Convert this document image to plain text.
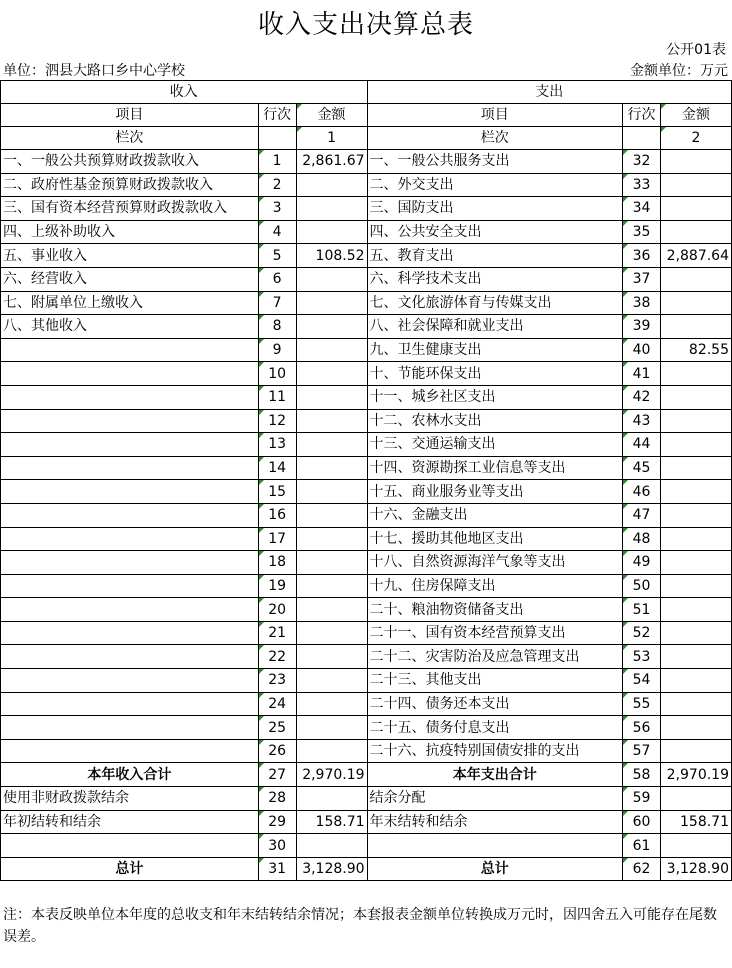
收入支出决算总表
公开01表
单位：泗县大路口乡中心学校	金额单位：万元
收入			支出		
项目	行次	金额	项目	行次	金额
栏次		1	栏次		2
一、一般公共预算财政拨款收入	1	2,861.67	一、一般公共服务支出	32	
二、政府性基金预算财政拨款收入	2		二、外交支出	33	
三、国有资本经营预算财政拨款收入	3		三、国防支出	34	
四、上级补助收入	4		四、公共安全支出	35	
五、事业收入	5	108.52	五、教育支出	36	2,887.64
六、经营收入	6		六、科学技术支出	37	
七、附属单位上缴收入	7		七、文化旅游体育与传媒支出	38	
八、其他收入	8		八、社会保障和就业支出	39	
	9		九、卫生健康支出	40	82.55
	10		十、节能环保支出	41	
	11		十一、城乡社区支出	42	
	12		十二、农林水支出	43	
	13		十三、交通运输支出	44	
	14		十四、资源勘探工业信息等支出	45	
	15		十五、商业服务业等支出	46	
	16		十六、金融支出	47	
	17		十七、援助其他地区支出	48	
	18		十八、自然资源海洋气象等支出	49	
	19		十九、住房保障支出	50	
	20		二十、粮油物资储备支出	51	
	21		二十一、国有资本经营预算支出	52	
	22		二十二、灾害防治及应急管理支出	53	
	23		二十三、其他支出	54	
	24		二十四、债务还本支出	55	
	25		二十五、债务付息支出	56	
	26		二十六、抗疫特别国债安排的支出	57	
本年收入合计	27	2,970.19	本年支出合计	58	2,970.19
使用非财政拨款结余	28		结余分配	59	
年初结转和结余	29	158.71	年末结转和结余	60	158.71
	30			61	
总计	31	3,128.90	总计	62	3,128.90
注：本表反映单位本年度的总收支和年末结转结余情况；本套报表金额单位转换成万元时，因四舍五入可能存在尾数误差。
